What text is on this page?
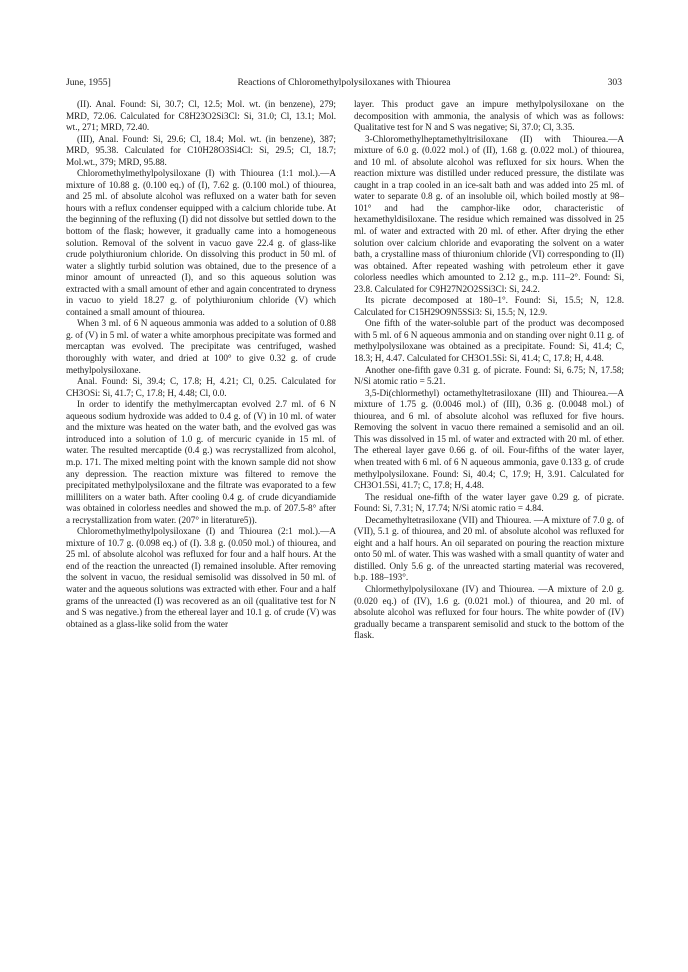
June, 1955]	Reactions of Chloromethylpolysiloxanes with Thiourea	303

(II). Anal. Found: Si, 30.7; Cl, 12.5; Mol. wt. (in benzene), 279; MRD, 72.06. Calculated for C8H23O2Si3Cl: Si, 31.0; Cl, 13.1; Mol. wt., 271; MRD, 72.40.

(III), Anal. Found: Si, 29.6; Cl, 18.4; Mol. wt. (in benzene), 387; MRD, 95.38. Calculated for C10H28O3Si4Cl: Si, 29.5; Cl, 18.7; Mol.wt., 379; MRD, 95.88.

Chloromethylmethylpolysiloxane (I) with Thiourea (1:1 mol.).—A mixture of 10.88 g. (0.100 eq.) of (I), 7.62 g. (0.100 mol.) of thiourea, and 25 ml. of absolute alcohol was refluxed on a water bath for seven hours with a reflux condenser equipped with a calcium chloride tube. At the beginning of the refluxing (I) did not dissolve but settled down to the bottom of the flask; however, it gradually came into a homogeneous solution. Removal of the solvent in vacuo gave 22.4 g. of glass-like crude polythiuronium chloride. On dissolving this product in 50 ml. of water a slightly turbid solution was obtained, due to the presence of a minor amount of unreacted (I), and so this aqueous solution was extracted with a small amount of ether and again concentrated to dryness in vacuo to yield 18.27 g. of polythiuronium chloride (V) which contained a small amount of thiourea.

When 3 ml. of 6 N aqueous ammonia was added to a solution of 0.88 g. of (V) in 5 ml. of water a white amorphous precipitate was formed and mercaptan was evolved. The precipitate was centrifuged, washed thoroughly with water, and dried at 100° to give 0.32 g. of crude methylpolysiloxane.

Anal. Found: Si, 39.4; C, 17.8; H, 4.21; Cl, 0.25. Calculated for CH3OSi: Si, 41.7; C, 17.8; H, 4.48; Cl, 0.0.

In order to identify the methylmercaptan evolved 2.7 ml. of 6 N aqueous sodium hydroxide was added to 0.4 g. of (V) in 10 ml. of water and the mixture was heated on the water bath, and the evolved gas was introduced into a solution of 1.0 g. of mercuric cyanide in 15 ml. of water. The resulted mercaptide (0.4 g.) was recrystallized from alcohol, m.p. 171. The mixed melting point with the known sample did not show any depression. The reaction mixture was filtered to remove the precipitated methylpolysiloxane and the filtrate was evaporated to a few milliliters on a water bath. After cooling 0.4 g. of crude dicyandiamide was obtained in colorless needles and showed the m.p. of 207.5-8° after a recrystallization from water. (207° in literature5)).

Chloromethylmethylpolysiloxane (I) and Thiourea (2:1 mol.).—A mixture of 10.7 g. (0.098 eq.) of (I). 3.8 g. (0.050 mol.) of thiourea, and 25 ml. of absolute alcohol was refluxed for four and a half hours. At the end of the reaction the unreacted (I) remained insoluble. After removing the solvent in vacuo, the residual semisolid was dissolved in 50 ml. of water and the aqueous solutions was extracted with ether. Four and a half grams of the unreacted (I) was recovered as an oil (qualitative test for N and S was negative.) from the ethereal layer and 10.1 g. of crude (V) was obtained as a glass-like solid from the water

layer. This product gave an impure methylpolysiloxane on the decomposition with ammonia, the analysis of which was as follows: Qualitative test for N and S was negative; Si, 37.0; Cl, 3.35.

3-Chloromethylheptamethyltrisiloxane (II) with Thiourea.—A mixture of 6.0 g. (0.022 mol.) of (II), 1.68 g. (0.022 mol.) of thiourea, and 10 ml. of absolute alcohol was refluxed for six hours. When the reaction mixture was distilled under reduced pressure, the distilate was caught in a trap cooled in an ice-salt bath and was added into 25 ml. of water to separate 0.8 g. of an insoluble oil, which boiled mostly at 98–101° and had the camphor-like odor, characteristic of hexamethyldisiloxane. The residue which remained was dissolved in 25 ml. of water and extracted with 20 ml. of ether. After drying the ether solution over calcium chloride and evaporating the solvent on a water bath, a crystalline mass of thiuronium chloride (VI) corresponding to (II) was obtained. After repeated washing with petroleum ether it gave colorless needles which amounted to 2.12 g., m.p. 111–2°. Found: Si, 23.8. Calculated for C9H27N2O2SSi3Cl: Si, 24.2.

Its picrate decomposed at 180–1°. Found: Si, 15.5; N, 12.8. Calculated for C15H29O9N5SSi3: Si, 15.5; N, 12.9.

One fifth of the water-soluble part of the product was decomposed with 5 ml. of 6 N aqueous ammonia and on standing over night 0.11 g. of methylpolysiloxane was obtained as a precipitate. Found: Si, 41.4; C, 18.3; H, 4.47. Calculated for CH3O1.5Si: Si, 41.4; C, 17.8; H, 4.48.

Another one-fifth gave 0.31 g. of picrate. Found: Si, 6.75; N, 17.58; N/Si atomic ratio = 5.21.

3,5-Di(chlormethyl) octamethyltetrasiloxane (III) and Thiourea.—A mixture of 1.75 g. (0.0046 mol.) of (III), 0.36 g. (0.0048 mol.) of thiourea, and 6 ml. of absolute alcohol was refluxed for five hours. Removing the solvent in vacuo there remained a semisolid and an oil. This was dissolved in 15 ml. of water and extracted with 20 ml. of ether. The ethereal layer gave 0.66 g. of oil. Four-fifths of the water layer, when treated with 6 ml. of 6 N aqueous ammonia, gave 0.133 g. of crude methylpolysiloxane. Found: Si, 40.4; C, 17.9; H, 3.91. Calculated for CH3O1.5Si, 41.7; C, 17.8; H, 4.48.

The residual one-fifth of the water layer gave 0.29 g. of picrate. Found: Si, 7.31; N, 17.74; N/Si atomic ratio = 4.84.

Decamethyltetrasiloxane (VII) and Thiourea. —A mixture of 7.0 g. of (VII), 5.1 g. of thiourea, and 20 ml. of absolute alcohol was refluxed for eight and a half hours. An oil separated on pouring the reaction mixture onto 50 ml. of water. This was washed with a small quantity of water and distilled. Only 5.6 g. of the unreacted starting material was recovered, b.p. 188–193°.

Chlormethylpolysiloxane (IV) and Thiourea. —A mixture of 2.0 g. (0.020 eq.) of (IV), 1.6 g. (0.021 mol.) of thiourea, and 20 ml. of absolute alcohol was refluxed for four hours. The white powder of (IV) gradually became a transparent semisolid and stuck to the bottom of the flask.
